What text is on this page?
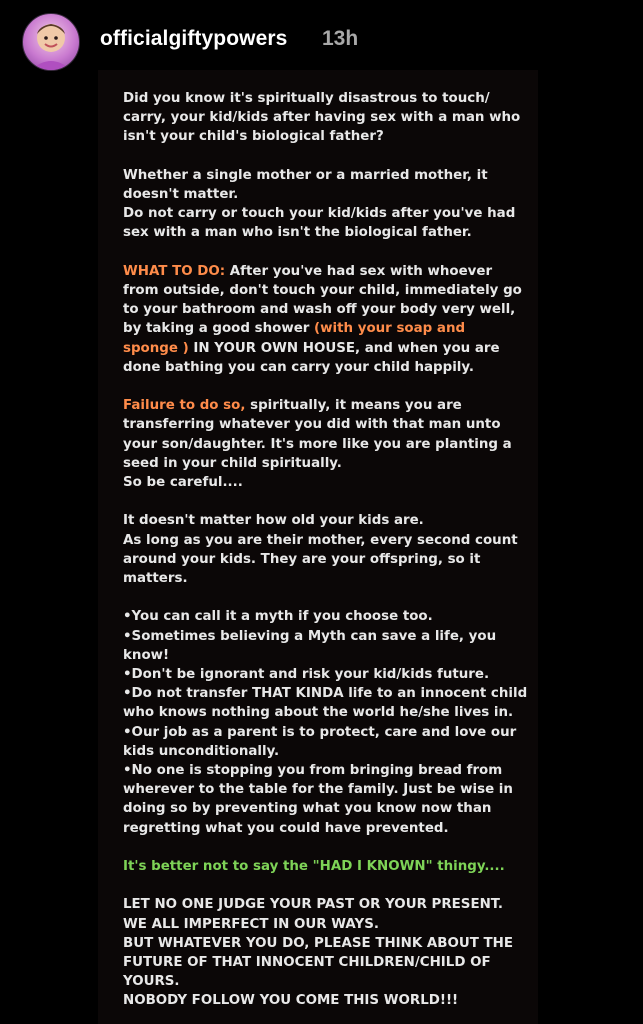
officialgiftypowers 13h
Did you know it's spiritually disastrous to touch/
carry, your kid/kids after having sex with a man who
isn't your child's biological father?
Whether a single mother or a married mother, it
doesn't matter.
Do not carry or touch your kid/kids after you've had
sex with a man who isn't the biological father.
WHAT TO DO: After you've had sex with whoever
from outside, don't touch your child, immediately go
to your bathroom and wash off your body very well,
by taking a good shower (with your soap and
sponge ) IN YOUR OWN HOUSE, and when you are
done bathing you can carry your child happily.
Failure to do so, spiritually, it means you are
transferring whatever you did with that man unto
your son/daughter. It's more like you are planting a
seed in your child spiritually.
So be careful....
It doesn't matter how old your kids are.
As long as you are their mother, every second count
around your kids. They are your offspring, so it
matters.
•You can call it a myth if you choose too.
•Sometimes believing a Myth can save a life, you
know!
•Don't be ignorant and risk your kid/kids future.
•Do not transfer THAT KINDA life to an innocent child
who knows nothing about the world he/she lives in.
•Our job as a parent is to protect, care and love our
kids unconditionally.
•No one is stopping you from bringing bread from
wherever to the table for the family. Just be wise in
doing so by preventing what you know now than
regretting what you could have prevented.
It's better not to say the "HAD I KNOWN" thingy....
LET NO ONE JUDGE YOUR PAST OR YOUR PRESENT.
WE ALL IMPERFECT IN OUR WAYS.
BUT WHATEVER YOU DO, PLEASE THINK ABOUT THE
FUTURE OF THAT INNOCENT CHILDREN/CHILD OF
YOURS.
NOBODY FOLLOW YOU COME THIS WORLD!!!
